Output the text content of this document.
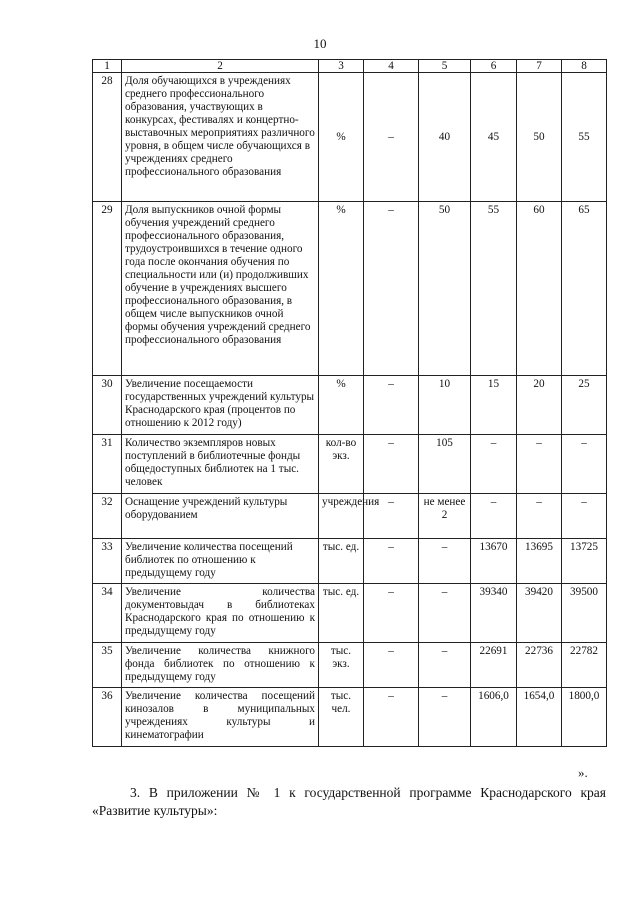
10
1	2	3	4	5	6	7	8
28	Доля обучающихся в учреждениях среднего профессионального образования, участвующих в конкурсах, фестивалях и концертно-выставочных мероприятиях различного уровня, в общем числе обучающихся в учреждениях среднего профессионального образования	%	–	40	45	50	55
29	Доля выпускников очной формы обучения учреждений среднего профессионального образования, трудоустроившихся в течение одного года после окончания обучения по специальности или (и) продолживших обучение в учреждениях высшего профессионального образования, в общем числе выпускников очной формы обучения учреждений среднего профессионального образования	%	–	50	55	60	65
30	Увеличение посещаемости государственных учреждений культуры Краснодарского края (процентов по отношению к 2012 году)	%	–	10	15	20	25
31	Количество экземпляров новых поступлений в библиотечные фонды общедоступных библиотек на 1 тыс. человек	кол-во экз.	–	105	–	–	–
32	Оснащение учреждений культуры оборудованием	учреждения	–	не менее 2	–	–	–
33	Увеличение количества посещений библиотек по отношению к предыдущему году	тыс. ед.	–	–	13670	13695	13725
34	Увеличение количества документовыдач в библиотеках Краснодарского края по отношению к предыдущему году	тыс. ед.	–	–	39340	39420	39500
35	Увеличение количества книжного фонда библиотек по отношению к предыдущему году	тыс. экз.	–	–	22691	22736	22782
36	Увеличение количества посещений кинозалов в муниципальных учреждениях культуры и кинематографии	тыс. чел.	–	–	1606,0	1654,0	1800,0
».
3. В приложении № 1 к государственной программе Краснодарского края «Развитие культуры»:
